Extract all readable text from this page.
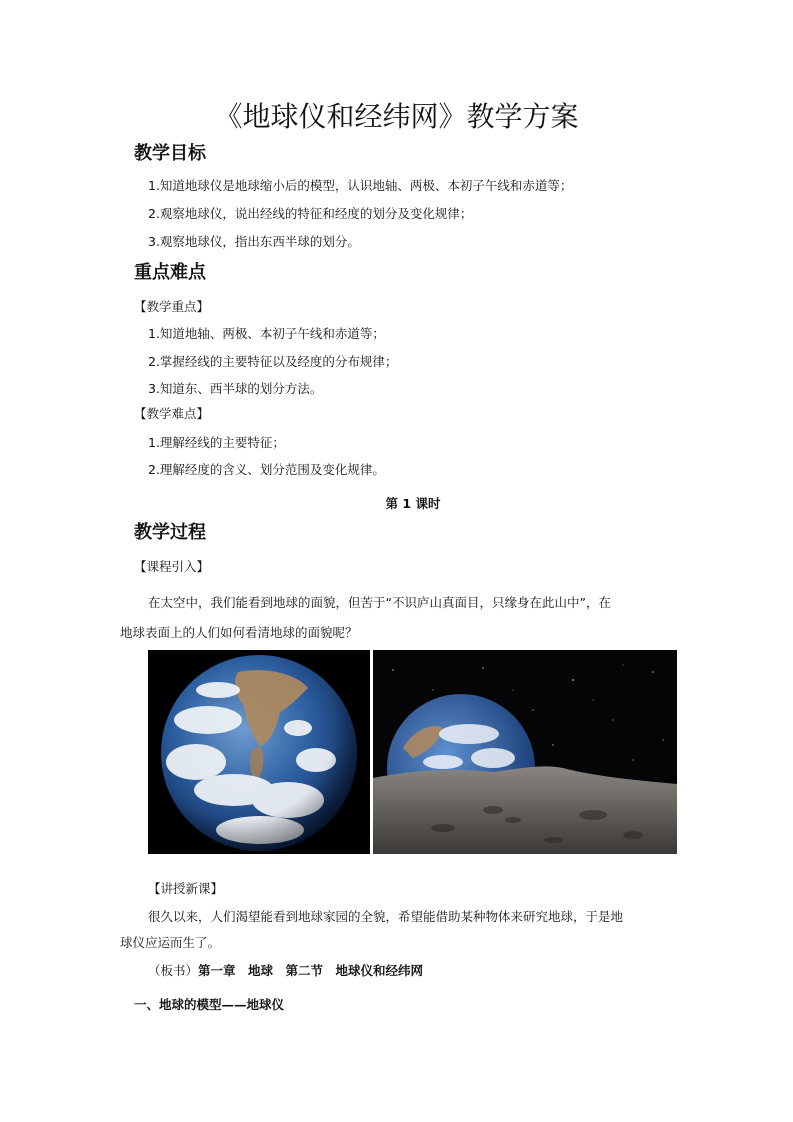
《地球仪和经纬网》教学方案
教学目标
1.知道地球仪是地球缩小后的模型，认识地轴、两极、本初子午线和赤道等；
2.观察地球仪，说出经线的特征和经度的划分及变化规律；
3.观察地球仪，指出东西半球的划分。
重点难点
【教学重点】
1.知道地轴、两极、本初子午线和赤道等；
2.掌握经线的主要特征以及经度的分布规律；
3.知道东、西半球的划分方法。
【教学难点】
1.理解经线的主要特征；
2.理解经度的含义、划分范围及变化规律。
第 1 课时
教学过程
【课程引入】
在太空中，我们能看到地球的面貌，但苦于“不识庐山真面目，只缘身在此山中”，在
地球表面上的人们如何看清地球的面貌呢？
【讲授新课】
很久以来，人们渴望能看到地球家园的全貌，希望能借助某种物体来研究地球，于是地
球仪应运而生了。
（板书）第一章　地球　第二节　地球仪和经纬网
一、地球的模型——地球仪
